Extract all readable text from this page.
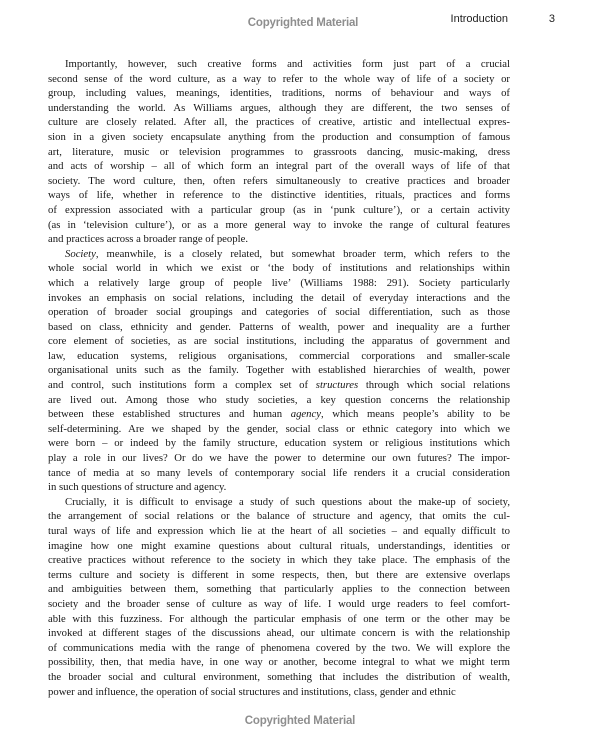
Copyrighted Material	Introduction	3
Importantly, however, such creative forms and activities form just part of a crucial
second sense of the word culture, as a way to refer to the whole way of life of a society or
group, including values, meanings, identities, traditions, norms of behaviour and ways of
understanding the world. As Williams argues, although they are different, the two senses of
culture are closely related. After all, the practices of creative, artistic and intellectual expres-
sion in a given society encapsulate anything from the production and consumption of famous
art, literature, music or television programmes to grassroots dancing, music-making, dress
and acts of worship – all of which form an integral part of the overall ways of life of that
society. The word culture, then, often refers simultaneously to creative practices and broader
ways of life, whether in reference to the distinctive identities, rituals, practices and forms
of expression associated with a particular group (as in ‘punk culture’), or a certain activity
(as in ‘television culture’), or as a more general way to invoke the range of cultural features
and practices across a broader range of people.
Society, meanwhile, is a closely related, but somewhat broader term, which refers to the
whole social world in which we exist or ‘the body of institutions and relationships within
which a relatively large group of people live’ (Williams 1988: 291). Society particularly
invokes an emphasis on social relations, including the detail of everyday interactions and the
operation of broader social groupings and categories of social differentiation, such as those
based on class, ethnicity and gender. Patterns of wealth, power and inequality are a further
core element of societies, as are social institutions, including the apparatus of government and
law, education systems, religious organisations, commercial corporations and smaller-scale
organisational units such as the family. Together with established hierarchies of wealth, power
and control, such institutions form a complex set of structures through which social relations
are lived out. Among those who study societies, a key question concerns the relationship
between these established structures and human agency, which means people’s ability to be
self-determining. Are we shaped by the gender, social class or ethnic category into which we
were born – or indeed by the family structure, education system or religious institutions which
play a role in our lives? Or do we have the power to determine our own futures? The impor-
tance of media at so many levels of contemporary social life renders it a crucial consideration
in such questions of structure and agency.
Crucially, it is difficult to envisage a study of such questions about the make-up of society,
the arrangement of social relations or the balance of structure and agency, that omits the cul-
tural ways of life and expression which lie at the heart of all societies – and equally difficult to
imagine how one might examine questions about cultural rituals, understandings, identities or
creative practices without reference to the society in which they take place. The emphasis of the
terms culture and society is different in some respects, then, but there are extensive overlaps
and ambiguities between them, something that particularly applies to the connection between
society and the broader sense of culture as way of life. I would urge readers to feel comfort-
able with this fuzziness. For although the particular emphasis of one term or the other may be
invoked at different stages of the discussions ahead, our ultimate concern is with the relationship
of communications media with the range of phenomena covered by the two. We will explore the
possibility, then, that media have, in one way or another, become integral to what we might term
the broader social and cultural environment, something that includes the distribution of wealth,
power and influence, the operation of social structures and institutions, class, gender and ethnic
Copyrighted Material
